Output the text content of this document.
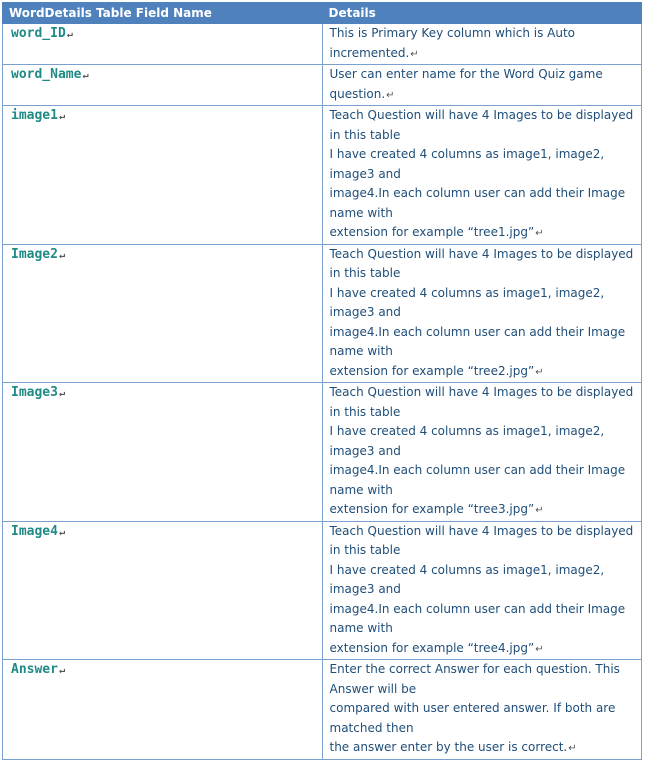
WordDetails Table Field Name	Details
word_ID↵	This is Primary Key column which is Auto incremented.↵

word_Name↵	User can enter name for the Word Quiz game question.↵

image1↵	Teach Question will have 4 Images to be displayed in this table
I have created 4 columns as image1, image2, image3 and
image4.In each column user can add their Image name with
extension for example “tree1.jpg”↵

Image2↵	Teach Question will have 4 Images to be displayed in this table
I have created 4 columns as image1, image2, image3 and
image4.In each column user can add their Image name with
extension for example “tree2.jpg”↵

Image3↵	Teach Question will have 4 Images to be displayed in this table
I have created 4 columns as image1, image2, image3 and
image4.In each column user can add their Image name with
extension for example “tree3.jpg”↵

Image4↵	Teach Question will have 4 Images to be displayed in this table
I have created 4 columns as image1, image2, image3 and
image4.In each column user can add their Image name with
extension for example “tree4.jpg”↵

Answer↵	Enter the correct Answer for each question. This Answer will be
compared with user entered answer. If both are matched then
the answer enter by the user is correct.↵
